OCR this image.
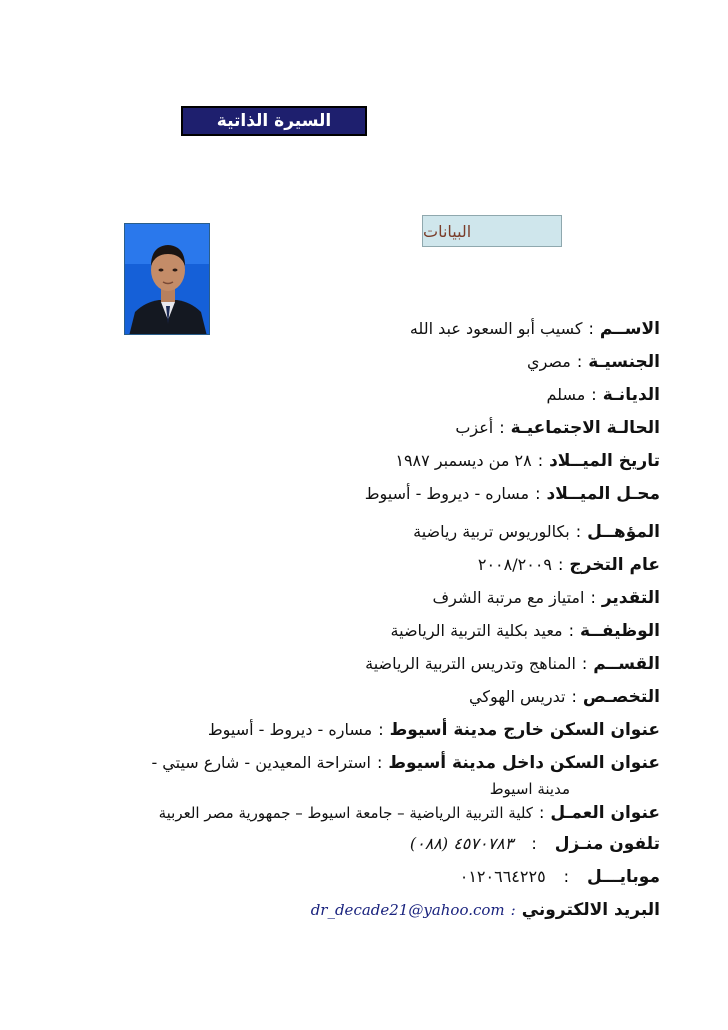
السيرة الذاتية
البيانات
الاســم:كسيب أبو السعود عبد الله
الجنسيـة:مصري
الديانـة:مسلم
الحالـة الاجتماعيـة:أعزب
تاريخ الميــلاد:٢٨ من ديسمبر ١٩٨٧
محـل الميــلاد:مساره - ديروط - أسيوط
المؤهــل:بكالوريوس تربية رياضية
عام التخرج:٢٠٠٨/٢٠٠٩
التقدير:امتياز مع مرتبة الشرف
الوظيفــة:معيد بكلية التربية الرياضية
القســم:المناهج وتدريس التربية الرياضية
التخصـص:تدريس الهوكي
عنوان السكن خارج مدينة أسيوط:مساره - ديروط - أسيوط
عنوان السكن داخل مدينة أسيوط:استراحة المعيدين - شارع سيتي -
مدينة اسيوط
عنوان العمـل:كلية التربية الرياضية – جامعة اسيوط – جمهورية مصر العربية
تلفون منـزل:٤٥٧٠٧٨٣ (٠٨٨)
موبايـــل:٠١٢٠٦٦٤٢٢٥
البريد الالكتروني:dr_decade21@yahoo.com
